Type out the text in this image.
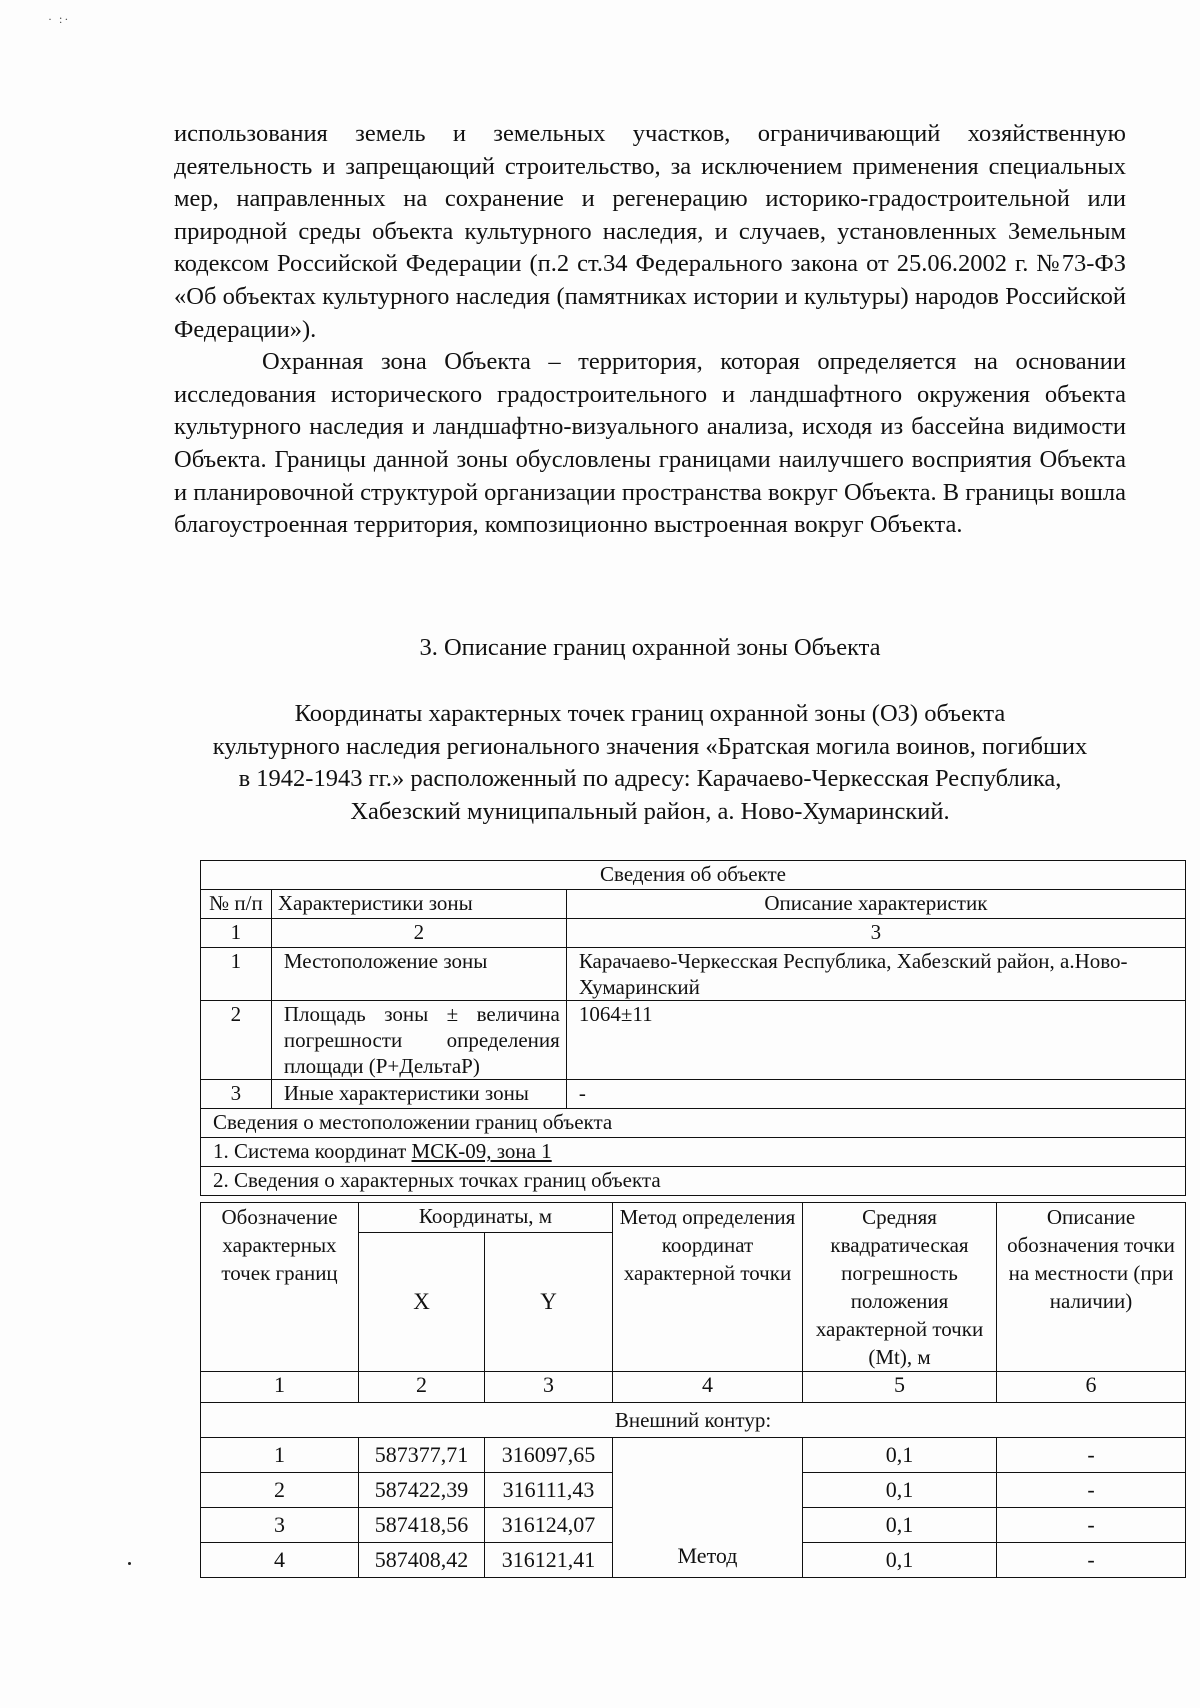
· :·

использования земель и земельных участков, ограничивающий хозяйственную деятельность и запрещающий строительство, за исключением применения специальных мер, направленных на сохранение и регенерацию историко-градостроительной или природной среды объекта культурного наследия, и случаев, установленных Земельным кодексом Российской Федерации (п.2 ст.34 Федерального закона от 25.06.2002 г. №73-ФЗ «Об объектах культурного наследия (памятниках истории и культуры) народов Российской Федерации»).

Охранная зона Объекта – территория, которая определяется на основании исследования исторического градостроительного и ландшафтного окружения объекта культурного наследия и ландшафтно-визуального анализа, исходя из бассейна видимости Объекта. Границы данной зоны обусловлены границами наилучшего восприятия Объекта и планировочной структурой организации пространства вокруг Объекта. В границы вошла благоустроенная территория, композиционно выстроенная вокруг Объекта.

3. Описание границ охранной зоны Объекта
Координаты характерных точек границ охранной зоны (ОЗ) объекта
культурного наследия регионального значения «Братская могила воинов, погибших
в 1942-1943 гг.» расположенный по адресу: Карачаево-Черкесская Республика,
Хабезский муниципальный район, а. Ново-Хумаринский.
Сведения об объекте		
№ п/п	Характеристики зоны	Описание характеристик
1	2	3
1	Местоположение зоны	Карачаево-Черкесская Республика, Хабезский район, а.Ново-Хумаринский
2	Площадь зоны ± величина погрешности определения площади (P+ДельтаP)	1064±11
3	Иные характеристики зоны	-
Сведения о местоположении границ объекта		
1. Система координат МСК-09, зона 1		
2. Сведения о характерных точках границ объекта		
Обозначение характерных точек границ	Координаты, м		Метод определения координат характерной точки	Средняя квадратическая погрешность положения характерной точки (Mt), м	Описание обозначения точки на местности (при наличии)
	X	Y			
1	2	3	4	5	6
Внешний контур:					
1	587377,71	316097,65	Метод	0,1	-
2	587422,39	316111,43		0,1	-
3	587418,56	316124,07		0,1	-
4	587408,42	316121,41		0,1	-
